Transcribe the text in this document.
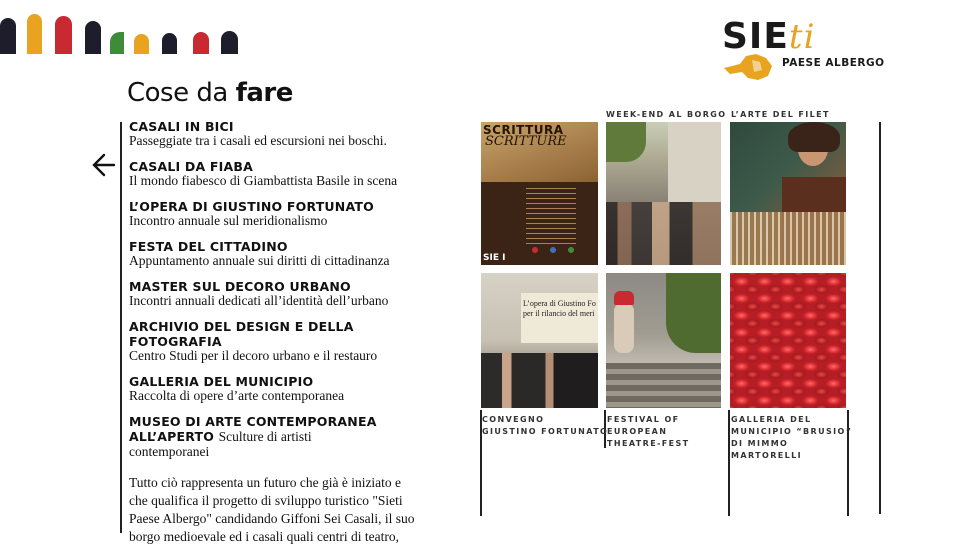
SIEti
PAESE ALBERGO
Cose da fare
CASALI IN BICI
Passeggiate tra i casali ed escursioni nei boschi.
CASALI DA FIABA
Il mondo fiabesco di Giambattista Basile in scena
L’OPERA DI GIUSTINO FORTUNATO
Incontro annuale sul meridionalismo
FESTA DEL CITTADINO
Appuntamento annuale sui diritti di cittadinanza
MASTER SUL DECORO URBANO
Incontri annuali dedicati all’identità dell’urbano
ARCHIVIO DEL DESIGN E DELLA FOTOGRAFIA
Centro Studi per il decoro urbano e il restauro
GALLERIA DEL MUNICIPIO
Raccolta di opere d’arte contemporanea
MUSEO DI ARTE CONTEMPORANEA ALL’APERTO Sculture di artisti contemporanei
Tutto ciò rappresenta un futuro che già è iniziato e che qualifica il progetto di sviluppo turistico "Sieti Paese Albergo" candidando Giffoni Sei Casali, il suo borgo medioevale ed i casali quali centri di teatro,
WEEK-END AL BORGO L’ARTE DEL FILET
SCRITTURA
SCRITTURE
SIE I
L’opera di Giustino Fo
per il rilancio del meri
CONVEGNO
GIUSTINO FORTUNATO
FESTIVAL OF
EUROPEAN
THEATRE-FEST
GALLERIA DEL
MUNICIPIO “BRUSIO”
DI MIMMO
MARTORELLI
